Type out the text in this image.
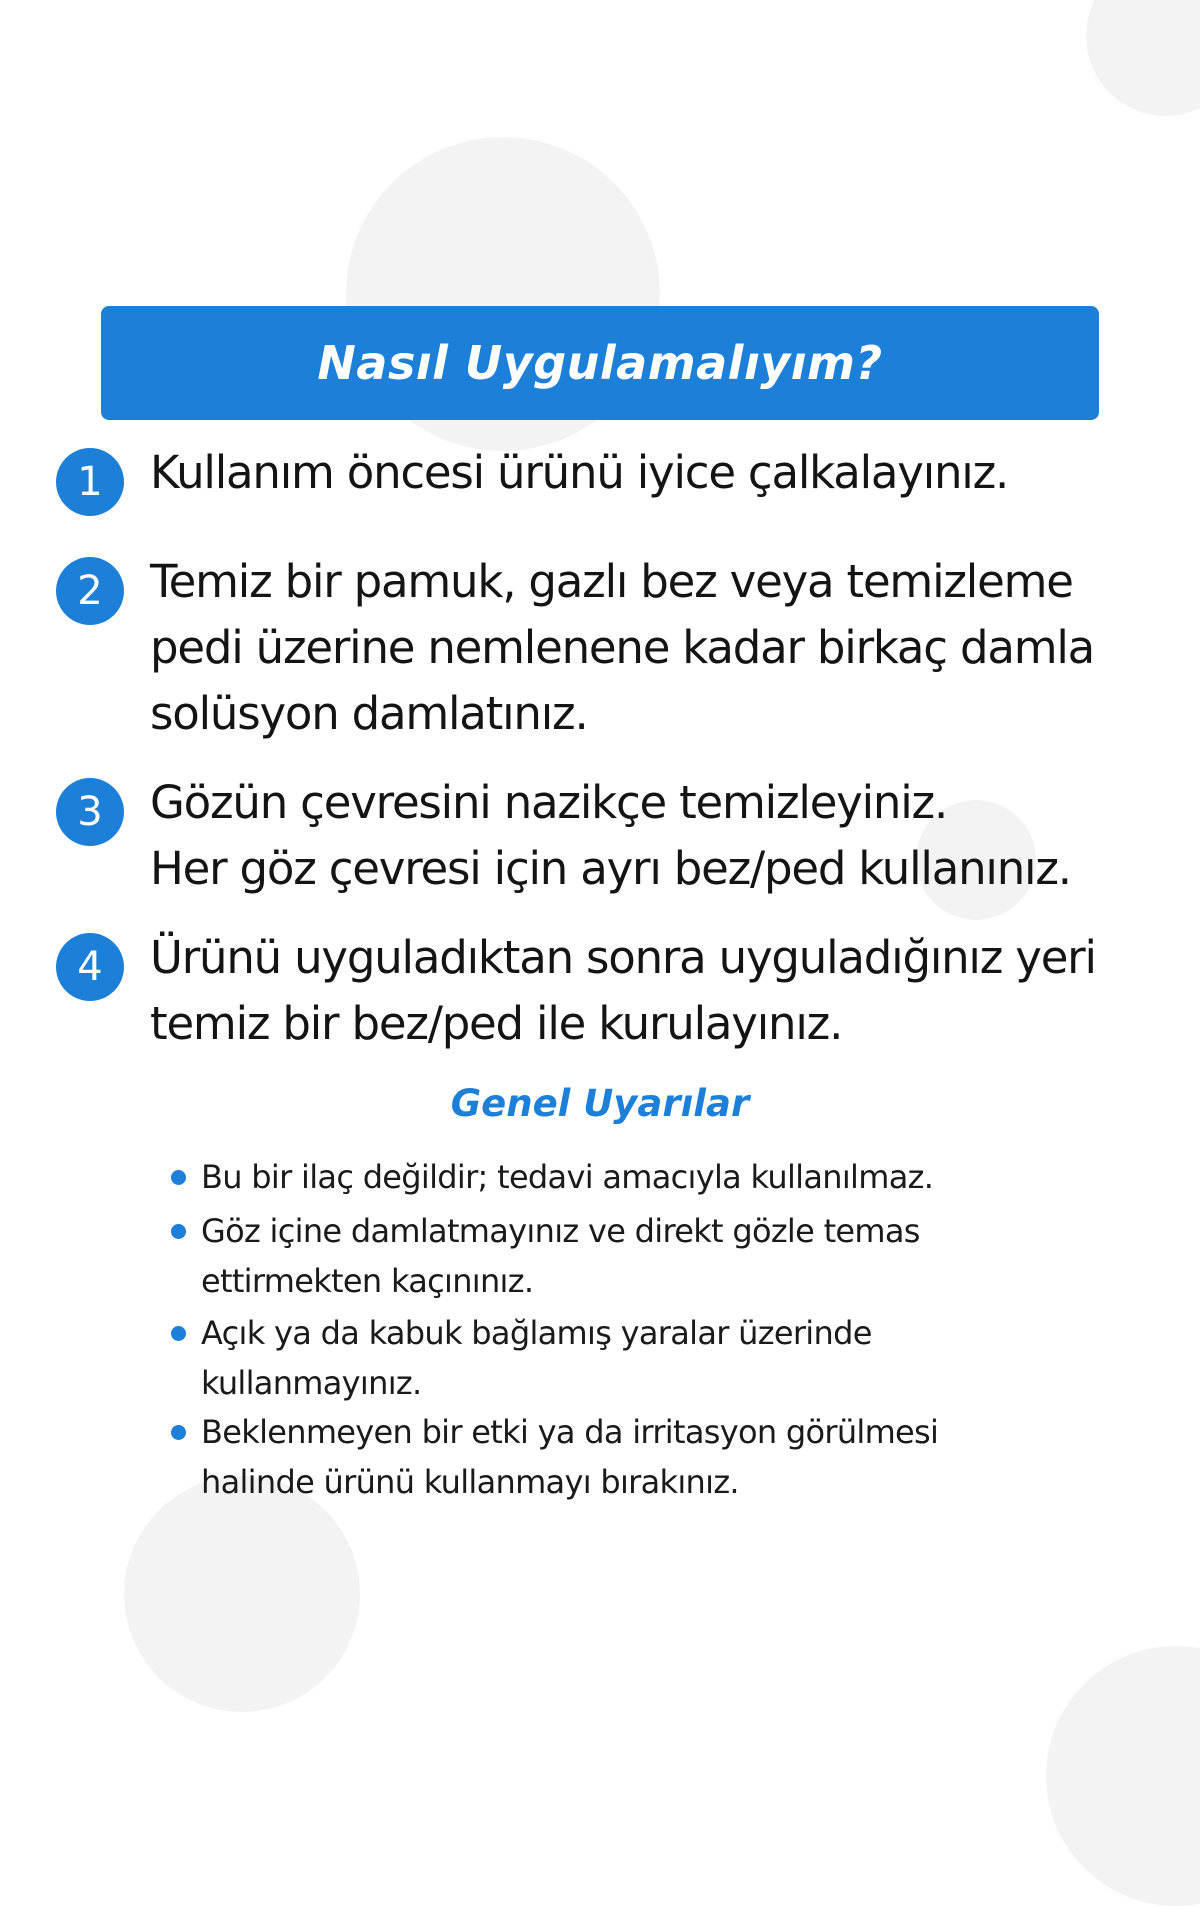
Nasıl Uygulamalıyım?
1	Kullanım öncesi ürünü iyice çalkalayınız.
2	Temiz bir pamuk, gazlı bez veya temizleme
pedi üzerine nemlenene kadar birkaç damla
solüsyon damlatınız.
3	Gözün çevresini nazikçe temizleyiniz.
Her göz çevresi için ayrı bez/ped kullanınız.
4	Ürünü uyguladıktan sonra uyguladığınız yeri
temiz bir bez/ped ile kurulayınız.
Genel Uyarılar
Bu bir ilaç değildir; tedavi amacıyla kullanılmaz.
Göz içine damlatmayınız ve direkt gözle temas
ettirmekten kaçınınız.
Açık ya da kabuk bağlamış yaralar üzerinde
kullanmayınız.
Beklenmeyen bir etki ya da irritasyon görülmesi
halinde ürünü kullanmayı bırakınız.
